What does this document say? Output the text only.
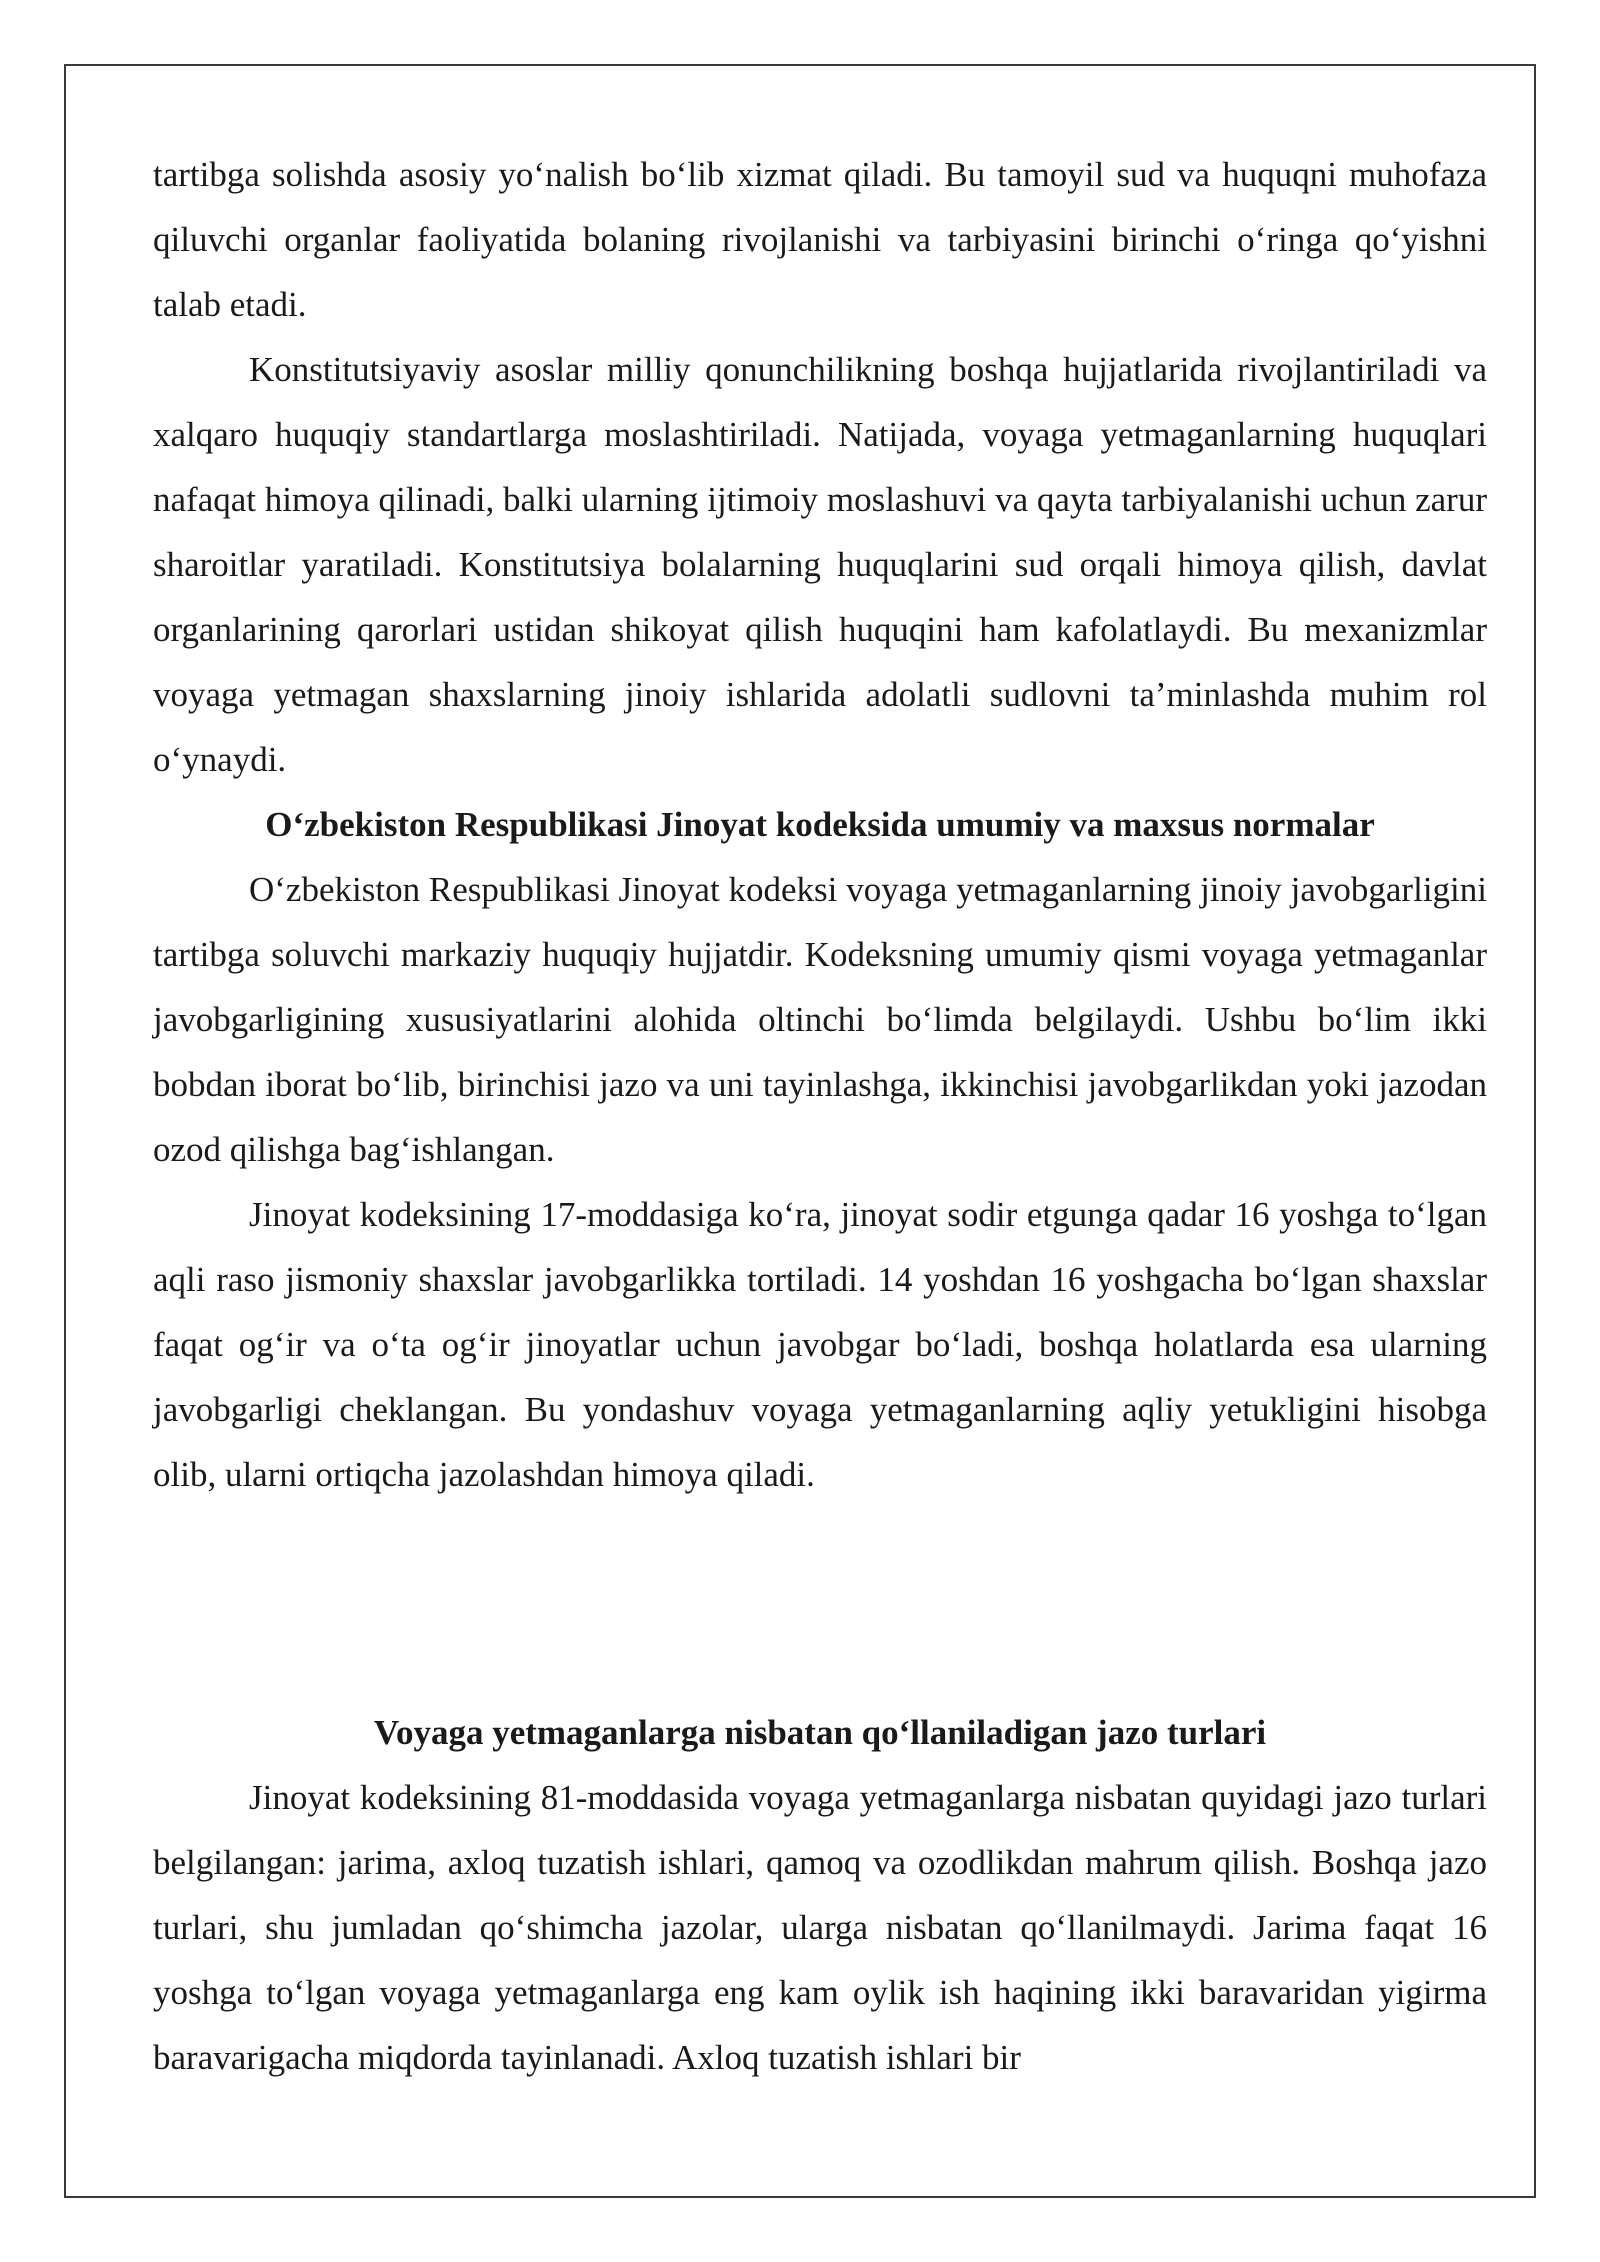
tartibga solishda asosiy yo‘nalish bo‘lib xizmat qiladi. Bu tamoyil sud va huquqni muhofaza qiluvchi organlar faoliyatida bolaning rivojlanishi va tarbiyasini birinchi o‘ringa qo‘yishni talab etadi.

Konstitutsiyaviy asoslar milliy qonunchilikning boshqa hujjatlarida rivojlantiriladi va xalqaro huquqiy standartlarga moslashtiriladi. Natijada, voyaga yetmaganlarning huquqlari nafaqat himoya qilinadi, balki ularning ijtimoiy moslashuvi va qayta tarbiyalanishi uchun zarur sharoitlar yaratiladi. Konstitutsiya bolalarning huquqlarini sud orqali himoya qilish, davlat organlarining qarorlari ustidan shikoyat qilish huquqini ham kafolatlaydi. Bu mexanizmlar voyaga yetmagan shaxslarning jinoiy ishlarida adolatli sudlovni ta’minlashda muhim rol o‘ynaydi.

O‘zbekiston Respublikasi Jinoyat kodeksida umumiy va maxsus normalar

O‘zbekiston Respublikasi Jinoyat kodeksi voyaga yetmaganlarning jinoiy javobgarligini tartibga soluvchi markaziy huquqiy hujjatdir. Kodeksning umumiy qismi voyaga yetmaganlar javobgarligining xususiyatlarini alohida oltinchi bo‘limda belgilaydi. Ushbu bo‘lim ikki bobdan iborat bo‘lib, birinchisi jazo va uni tayinlashga, ikkinchisi javobgarlikdan yoki jazodan ozod qilishga bag‘ishlangan.

Jinoyat kodeksining 17-moddasiga ko‘ra, jinoyat sodir etgunga qadar 16 yoshga to‘lgan aqli raso jismoniy shaxslar javobgarlikka tortiladi. 14 yoshdan 16 yoshgacha bo‘lgan shaxslar faqat og‘ir va o‘ta og‘ir jinoyatlar uchun javobgar bo‘ladi, boshqa holatlarda esa ularning javobgarligi cheklangan. Bu yondashuv voyaga yetmaganlarning aqliy yetukligini hisobga olib, ularni ortiqcha jazolashdan himoya qiladi.

Voyaga yetmaganlarga nisbatan qo‘llaniladigan jazo turlari

Jinoyat kodeksining 81-moddasida voyaga yetmaganlarga nisbatan quyidagi jazo turlari belgilangan: jarima, axloq tuzatish ishlari, qamoq va ozodlikdan mahrum qilish. Boshqa jazo turlari, shu jumladan qo‘shimcha jazolar, ularga nisbatan qo‘llanilmaydi. Jarima faqat 16 yoshga to‘lgan voyaga yetmaganlarga eng kam oylik ish haqining ikki baravaridan yigirma baravarigacha miqdorda tayinlanadi. Axloq tuzatish ishlari bir
